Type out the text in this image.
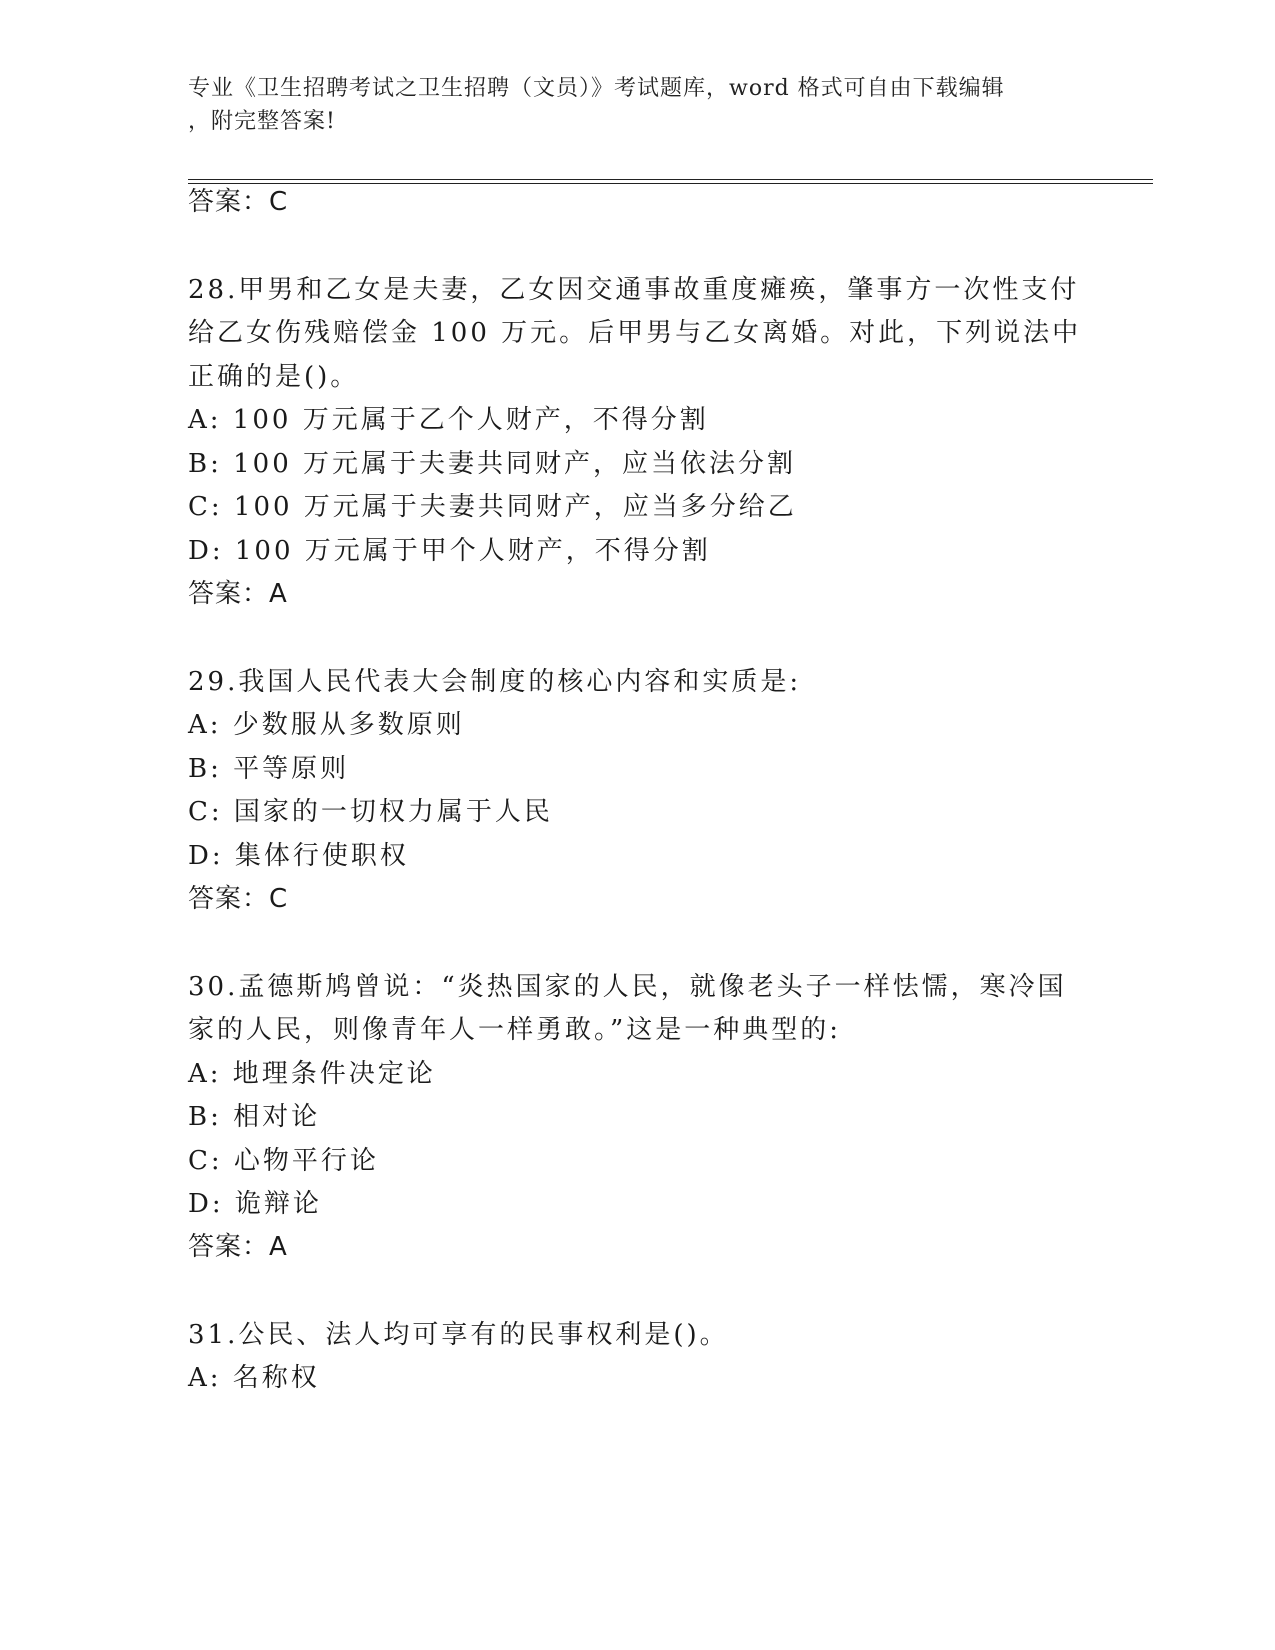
专业《卫生招聘考试之卫生招聘（文员）》考试题库，word 格式可自由下载编辑
，附完整答案!
答案：C
28.甲男和乙女是夫妻，乙女因交通事故重度瘫痪，肇事方一次性支付
给乙女伤残赔偿金 100 万元。后甲男与乙女离婚。对此，下列说法中
正确的是()。
A: 100 万元属于乙个人财产，不得分割
B: 100 万元属于夫妻共同财产，应当依法分割
C: 100 万元属于夫妻共同财产，应当多分给乙
D: 100 万元属于甲个人财产，不得分割
答案：A
29.我国人民代表大会制度的核心内容和实质是:
A: 少数服从多数原则
B: 平等原则
C: 国家的一切权力属于人民
D: 集体行使职权
答案：C
30.孟德斯鸠曾说：“炎热国家的人民，就像老头子一样怯懦，寒冷国
家的人民，则像青年人一样勇敢。”这是一种典型的:
A: 地理条件决定论
B: 相对论
C: 心物平行论
D: 诡辩论
答案：A
31.公民、法人均可享有的民事权利是()。
A: 名称权
